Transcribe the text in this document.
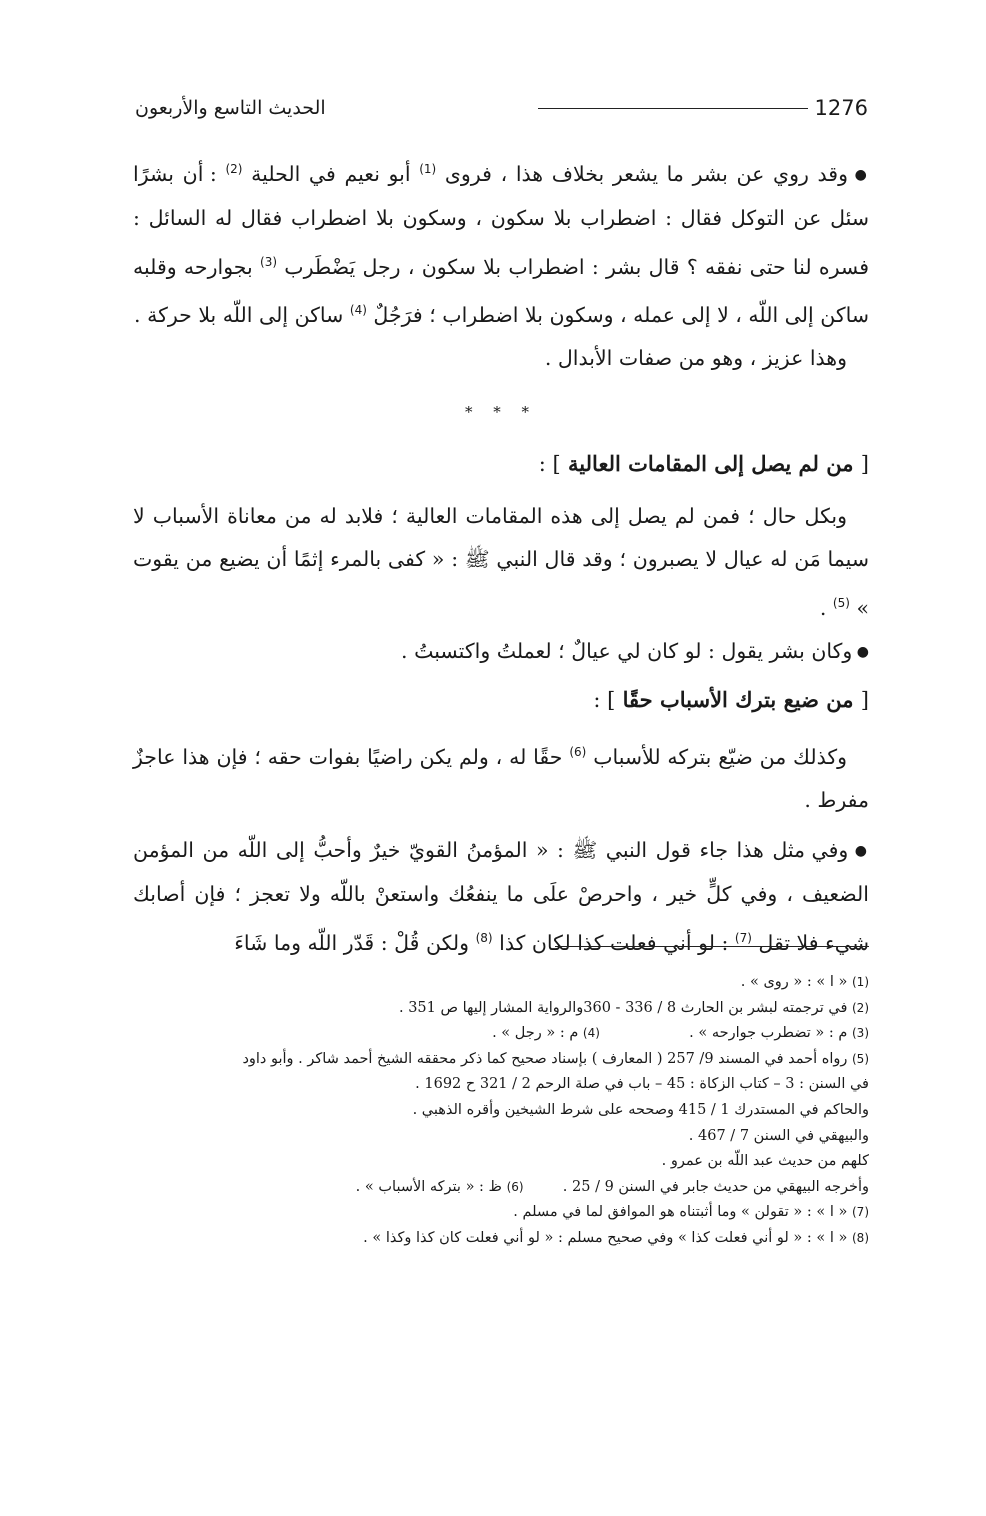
1276
الحديث التاسع والأربعون

● وقد روي عن بشر ما يشعر بخلاف هذا ، فروى $^{(1)}$ أبو نعيم في الحلية $^{(2)}$ : أن بشرًا سئل عن التوكل فقال : اضطراب بلا سكون ، وسكون بلا اضطراب فقال له السائل : فسره لنا حتى نفقه ؟ قال بشر : اضطراب بلا سكون ، رجل يَضْطَرب $^{(3)}$ بجوارحه وقلبه ساكن إلى اللّه ، لا إلى عمله ، وسكون بلا اضطراب ؛ فرَجُلٌ $^{(4)}$ ساكن إلى اللّه بلا حركة .

وهذا عزيز ، وهو من صفات الأبدال .

* * *

[ من لم يصل إلى المقامات العالية ] :

وبكل حال ؛ فمن لم يصل إلى هذه المقامات العالية ؛ فلابد له من معاناة الأسباب لا سيما مَن له عيال لا يصبرون ؛ وقد قال النبي ﷺ : « كفى بالمرء إثمًا أن يضيع من يقوت » $^{(5)}$ .

● وكان بشر يقول : لو كان لي عيالٌ ؛ لعملتُ واكتسبتُ .

[ من ضيع بترك الأسباب حقًا ] :

وكذلك من ضيّع بتركه للأسباب $^{(6)}$ حقًا له ، ولم يكن راضيًا بفوات حقه ؛ فإن هذا عاجزٌ مفرط .

● وفي مثل هذا جاء قول النبي ﷺ : « المؤمنُ القويّ خيرٌ وأحبُّ إلى اللّه من المؤمن الضعيف ، وفي كلٍّ خير ، واحرصْ علَى ما ينفعُك واستعنْ باللّه ولا تعجز ؛ فإن أصابك شيء فلا تقل $^{(7)}$ : لو أني فعلت كذا لكان كذا $^{(8)}$ ولكن قُلْ : قَدّر اللّه وما شَاءَ

(1) « ا » : « روى » .

(2) في ترجمته لبشر بن الحارث 8 / 336 - 360والرواية المشار إليها ص 351 .

(3) م : « تضطرب جوارحه » .  (4) م : « رجل » .

(5) رواه أحمد في المسند 9/ 257 ( المعارف ) بإسناد صحيح كما ذكر محققه الشيخ أحمد شاكر . وأبو داود

في السنن : 3 – كتاب الزكاة : 45 – باب في صلة الرحم 2 / 321 ح 1692 .

والحاكم في المستدرك 1 / 415 وصححه على شرط الشيخين وأقره الذهبي .

والبيهقي في السنن 7 / 467 .

كلهم من حديث عبد اللّه بن عمرو .

وأخرجه البيهقي من حديث جابر في السنن 9 / 25 .  (6) ظ : « بتركه الأسباب » .

(7) « ا » : « تقولن » وما أثبتناه هو الموافق لما في مسلم .

(8) « ا » : « لو أني فعلت كذا » وفي صحيح مسلم : « لو أني فعلت كان كذا وكذا » .
